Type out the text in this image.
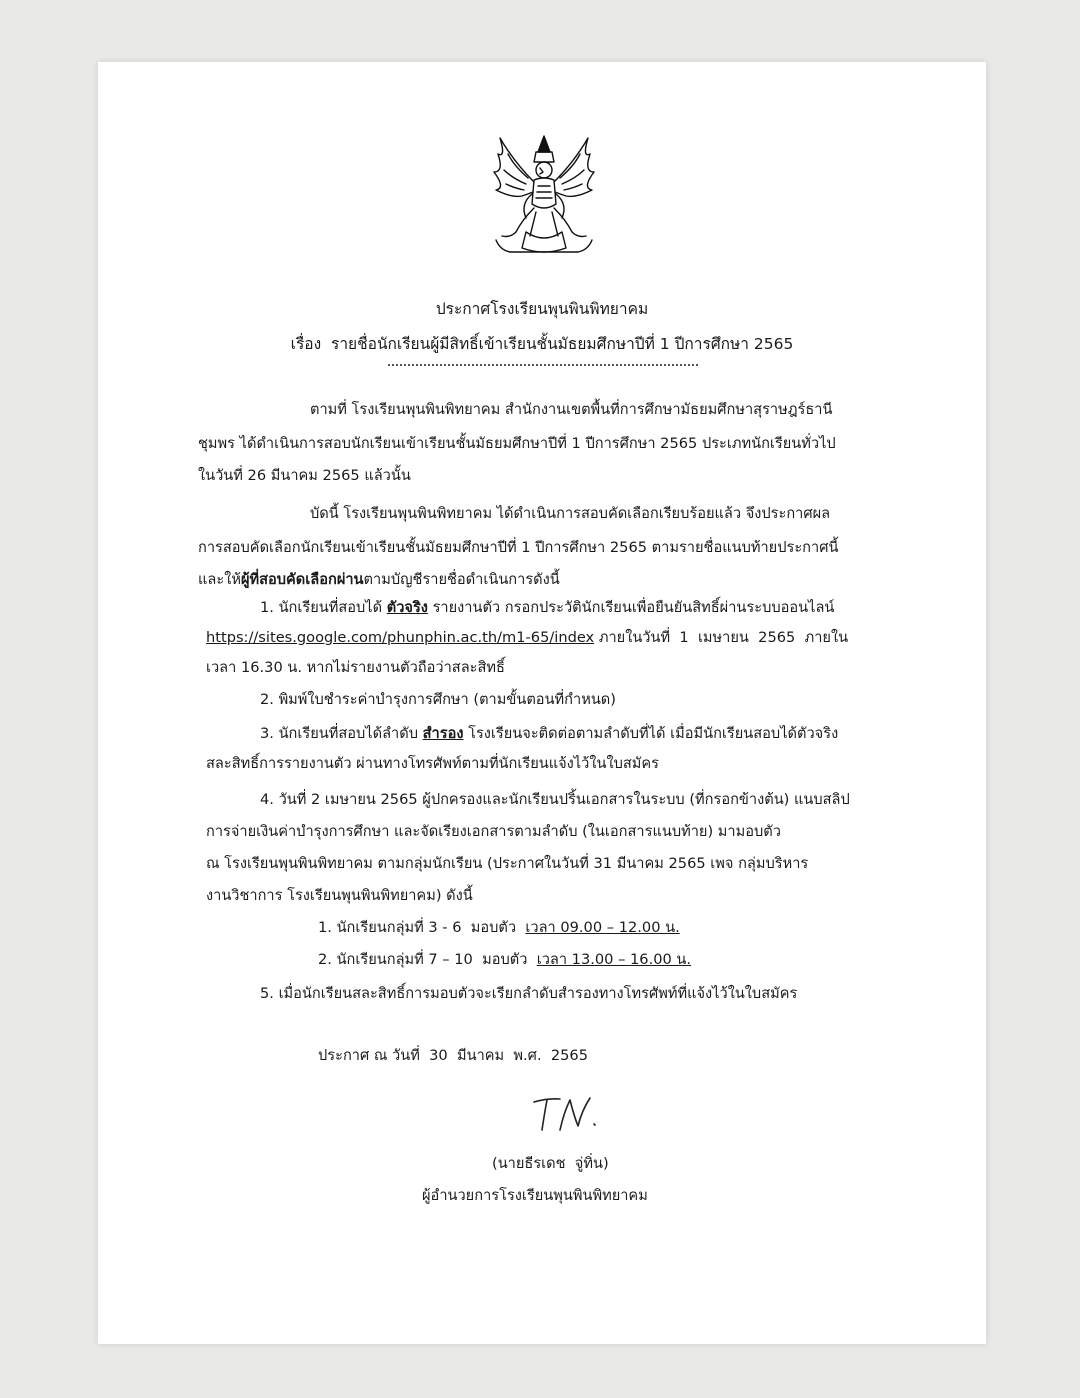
ประกาศโรงเรียนพุนพินพิทยาคม
เรื่อง  รายชื่อนักเรียนผู้มีสิทธิ์เข้าเรียนชั้นมัธยมศึกษาปีที่ 1 ปีการศึกษา 2565
ตามที่ โรงเรียนพุนพินพิทยาคม สำนักงานเขตพื้นที่การศึกษามัธยมศึกษาสุราษฎร์ธานี
ชุมพร ได้ดำเนินการสอบนักเรียนเข้าเรียนชั้นมัธยมศึกษาปีที่ 1 ปีการศึกษา 2565 ประเภทนักเรียนทั่วไป
ในวันที่ 26 มีนาคม 2565 แล้วนั้น
บัดนี้ โรงเรียนพุนพินพิทยาคม ได้ดำเนินการสอบคัดเลือกเรียบร้อยแล้ว จึงประกาศผล
การสอบคัดเลือกนักเรียนเข้าเรียนชั้นมัธยมศึกษาปีที่ 1 ปีการศึกษา 2565 ตามรายชื่อแนบท้ายประกาศนี้
และให้ผู้ที่สอบคัดเลือกผ่านตามบัญชีรายชื่อดำเนินการดังนี้
1. นักเรียนที่สอบได้ ตัวจริง รายงานตัว กรอกประวัตินักเรียนเพื่อยืนยันสิทธิ์ผ่านระบบออนไลน์
https://sites.google.com/phunphin.ac.th/m1-65/index ภายในวันที่  1  เมษายน  2565  ภายใน
เวลา 16.30 น. หากไม่รายงานตัวถือว่าสละสิทธิ์
2. พิมพ์ใบชำระค่าบำรุงการศึกษา (ตามขั้นตอนที่กำหนด)
3. นักเรียนที่สอบได้ลำดับ สำรอง โรงเรียนจะติดต่อตามลำดับที่ได้ เมื่อมีนักเรียนสอบได้ตัวจริง
สละสิทธิ์การรายงานตัว ผ่านทางโทรศัพท์ตามที่นักเรียนแจ้งไว้ในใบสมัคร
4. วันที่ 2 เมษายน 2565 ผู้ปกครองและนักเรียนปริ้นเอกสารในระบบ (ที่กรอกข้างต้น) แนบสลิป
การจ่ายเงินค่าบำรุงการศึกษา และจัดเรียงเอกสารตามลำดับ (ในเอกสารแนบท้าย) มามอบตัว
ณ โรงเรียนพุนพินพิทยาคม ตามกลุ่มนักเรียน (ประกาศในวันที่ 31 มีนาคม 2565 เพจ กลุ่มบริหาร
งานวิชาการ โรงเรียนพุนพินพิทยาคม) ดังนี้
1. นักเรียนกลุ่มที่ 3 - 6  มอบตัว  เวลา 09.00 – 12.00 น.
2. นักเรียนกลุ่มที่ 7 – 10  มอบตัว  เวลา 13.00 – 16.00 น.
5. เมื่อนักเรียนสละสิทธิ์การมอบตัวจะเรียกลำดับสำรองทางโทรศัพท์ที่แจ้งไว้ในใบสมัคร
ประกาศ ณ วันที่  30  มีนาคม  พ.ศ.  2565
(นายธีรเดช  จู่ทิ่น)
ผู้อำนวยการโรงเรียนพุนพินพิทยาคม
